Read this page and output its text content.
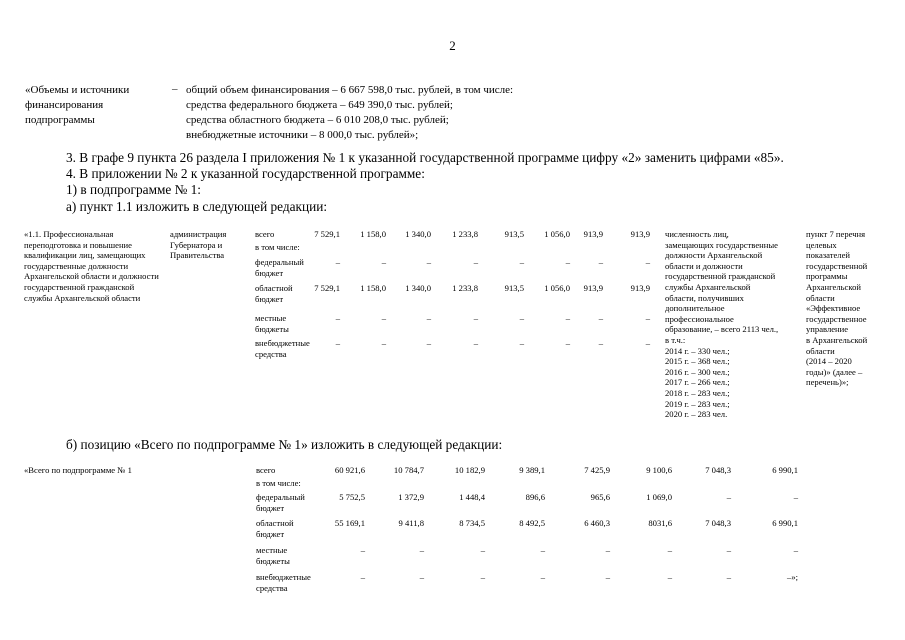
2
«Объемы и источники финансирования подпрограммы
– общий объем финансирования – 6 667 598,0 тыс. рублей, в том числе:
средства федерального бюджета – 649 390,0 тыс. рублей;
средства областного бюджета – 6 010 208,0 тыс. рублей;
внебюджетные источники – 8 000,0 тыс. рублей»;
3. В графе 9 пункта 26 раздела I приложения № 1 к указанной государственной программе цифру «2» заменить цифрами «85».
4. В приложении № 2 к указанной государственной программе:
1) в подпрограмме № 1:
а) пункт 1.1 изложить в следующей редакции:
«1.1. Профессиональная переподготовка и повышение квалификации лиц, замещающих государственные должности Архангельской области и должности государственной гражданской службы Архангельской области
администрация Губернатора и Правительства
всего	7 529,1	1 158,0	1 340,0	1 233,8	913,5	1 056,0	913,9	913,9
в том числе:
федеральный бюджет
–	–	–	–	–	–	–	–
областной бюджет
7 529,1	1 158,0	1 340,0	1 233,8	913,5	1 056,0	913,9	913,9
местные бюджеты
–	–	–	–	–	–	–	–
внебюджетные средства
–	–	–	–	–	–	–	–
численность лиц,
замещающих государственные
должности Архангельской
области и должности
государственной гражданской
службы Архангельской
области, получивших
дополнительное
профессиональное
образование, – всего 2113 чел.,
в т.ч.:
2014 г. – 330 чел.;
2015 г. – 368 чел.;
2016 г. – 300 чел.;
2017 г. – 266 чел.;
2018 г. – 283 чел.;
2019 г. – 283 чел.;
2020 г. – 283 чел.
пункт 7 перечня
целевых
показателей
государственной
программы
Архангельской
области
«Эффективное
государственное
управление
в Архангельской
области
(2014 – 2020
годы)» (далее –
перечень)»;
б) позицию «Всего по подпрограмме № 1» изложить в следующей редакции:
«Всего по подпрограмме № 1	всего	60 921,6	10 784,7	10 182,9	9 389,1	7 425,9	9 100,6	7 048,3	6 990,1
в том числе:
федеральный бюджет
5 752,5	1 372,9	1 448,4	896,6	965,6	1 069,0	–	–
областной бюджет
55 169,1	9 411,8	8 734,5	8 492,5	6 460,3	8031,6	7 048,3	6 990,1
местные бюджеты
–	–	–	–	–	–	–	–
внебюджетные средства
–	–	–	–	–	–	–	–»;
